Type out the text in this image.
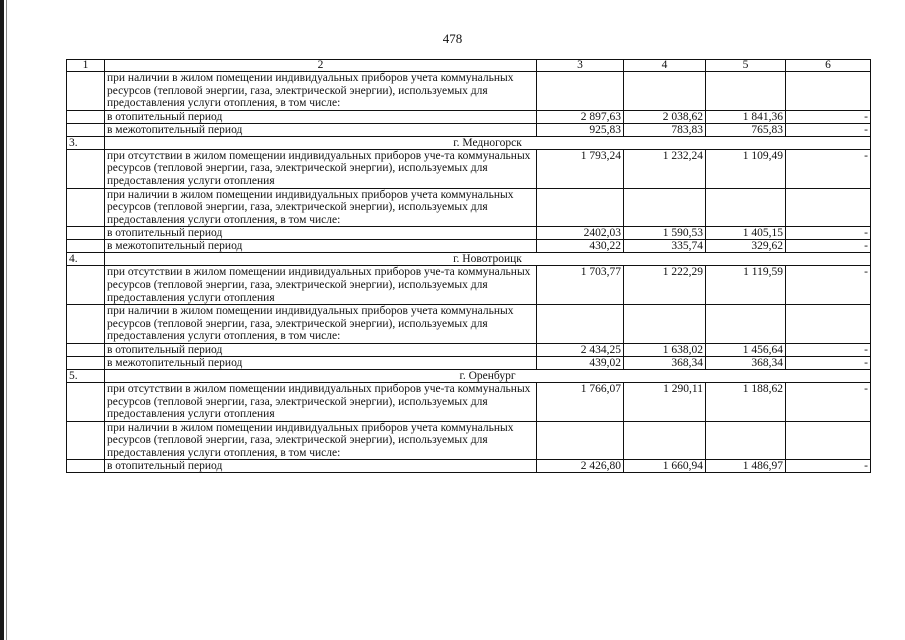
478
1	2	3	4	5	6
	при наличии в жилом помещении индивидуальных приборов учета коммунальных ресурсов (тепловой энергии, газа, электрической энергии), используемых для предоставления услуги отопления, в том числе:				
	в отопительный период	2 897,63	2 038,62	1 841,36	-
	в межотопительный период	925,83	783,83	765,83	-
3.	г. Медногорск				
	при отсутствии в жилом помещении индивидуальных приборов уче-та коммунальных ресурсов (тепловой энергии, газа, электрической энергии), используемых для предоставления услуги отопления	1 793,24	1 232,24	1 109,49	-
	при наличии в жилом помещении индивидуальных приборов учета коммунальных ресурсов (тепловой энергии, газа, электрической энергии), используемых для предоставления услуги отопления, в том числе:				
	в отопительный период	2402,03	1 590,53	1 405,15	-
	в межотопительный период	430,22	335,74	329,62	-
4.	г. Новотроицк				
	при отсутствии в жилом помещении индивидуальных приборов уче-та коммунальных ресурсов (тепловой энергии, газа, электрической энергии), используемых для предоставления услуги отопления	1 703,77	1 222,29	1 119,59	-
	при наличии в жилом помещении индивидуальных приборов учета коммунальных ресурсов (тепловой энергии, газа, электрической энергии), используемых для предоставления услуги отопления, в том числе:				
	в отопительный период	2 434,25	1 638,02	1 456,64	-
	в межотопительный период	439,02	368,34	368,34	-
5.	г. Оренбург				
	при отсутствии в жилом помещении индивидуальных приборов уче-та коммунальных ресурсов (тепловой энергии, газа, электрической энергии), используемых для предоставления услуги отопления	1 766,07	1 290,11	1 188,62	-
	при наличии в жилом помещении индивидуальных приборов учета коммунальных ресурсов (тепловой энергии, газа, электрической энергии), используемых для предоставления услуги отопления, в том числе:				
	в отопительный период	2 426,80	1 660,94	1 486,97	-
